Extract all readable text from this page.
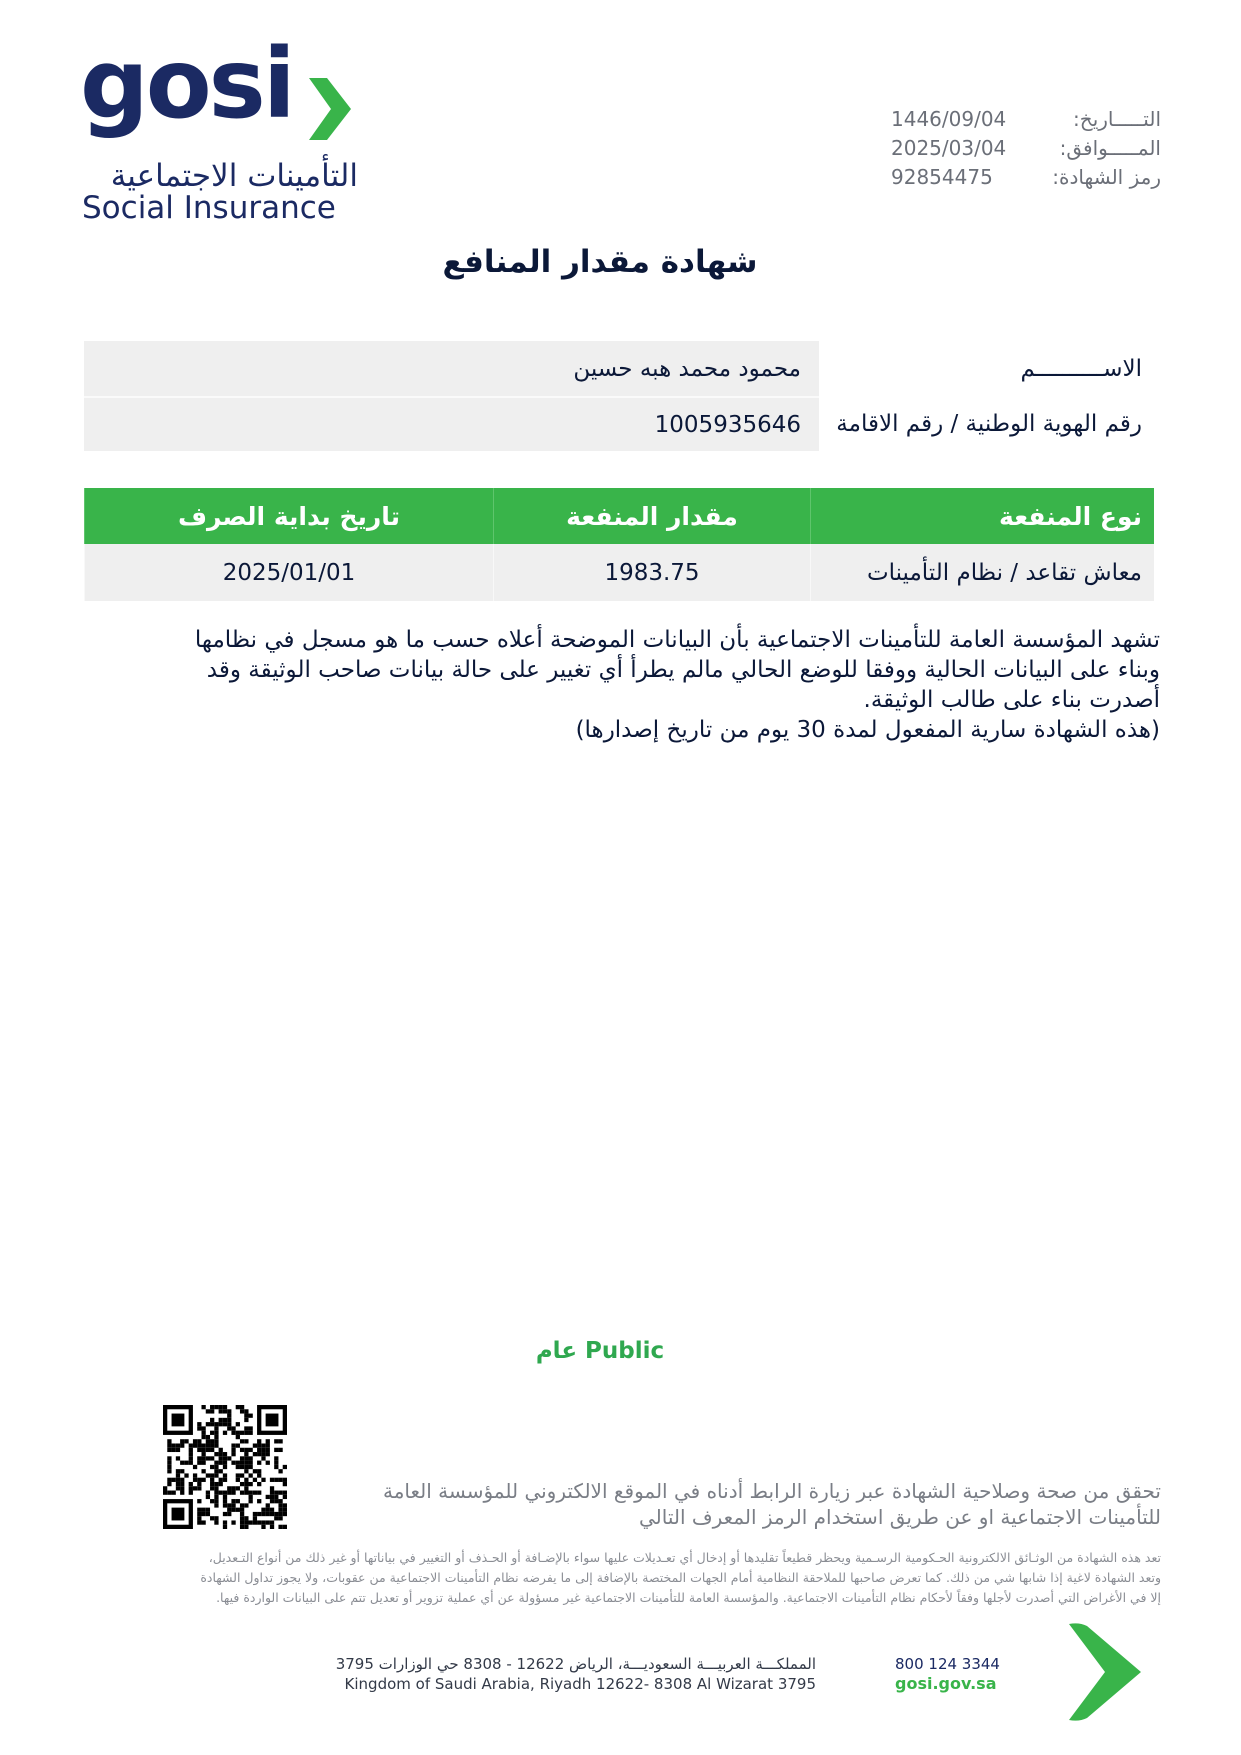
gosi
التأمينات الاجتماعية
Social Insurance
التـــــاريخ:
1446/09/04
المـــــوافق:
2025/03/04
رمز الشهادة:
92854475
شهادة مقدار المنافع
الاســــــــــم
محمود محمد هبه حسين
رقم الهوية الوطنية / رقم الاقامة
1005935646
نوع المنفعة	مقدار المنفعة	تاريخ بداية الصرف
معاش تقاعد / نظام التأمينات	1983.75	2025/01/01

تشهد المؤسسة العامة للتأمينات الاجتماعية بأن البيانات الموضحة أعلاه حسب ما هو مسجل في نظامها

وبناء على البيانات الحالية ووفقا للوضع الحالي مالم يطرأ أي تغيير على حالة بيانات صاحب الوثيقة وقد

أصدرت بناء على طالب الوثيقة.

(هذه الشهادة سارية المفعول لمدة 30 يوم من تاريخ إصدارها)

عام Public

تحقق من صحة وصلاحية الشهادة عبر زيارة الرابط أدناه في الموقع الالكتروني للمؤسسة العامة

للتأمينات الاجتماعية او عن طريق استخدام الرمز المعرف التالي

تعد هذه الشهادة من الوثـائق الالكترونية الحـكومية الرسـمية ويحظر قطيعاً تقليدها أو إدخال أي تعـديلات عليها سواء بالإضـافة أو الحـذف أو التغيير في بياناتها أو غير ذلك من أنواع التـعديل،

وتعد الشهادة لاغية إذا شابها شي من ذلك. كما تعرض صاحبها للملاحقة النظامية أمام الجهات المختصة بالإضافة إلى ما يفرضه نظام التأمينات الاجتماعية من عقوبات، ولا يجوز تداول الشهادة

إلا في الأغراض التي أصدرت لأجلها وفقاً لأحكام نظام التأمينات الاجتماعية. والمؤسسة العامة للتأمينات الاجتماعية غير مسؤولة عن أي عملية تزوير أو تعديل تتم على البيانات الواردة فيها.

المملكـــة العربيـــة السعوديـــة، الرياض 12622 - 8308 حي الوزارات 3795
Kingdom of Saudi Arabia, Riyadh 12622- 8308 Al Wizarat 3795
800 124 3344
gosi.gov.sa
